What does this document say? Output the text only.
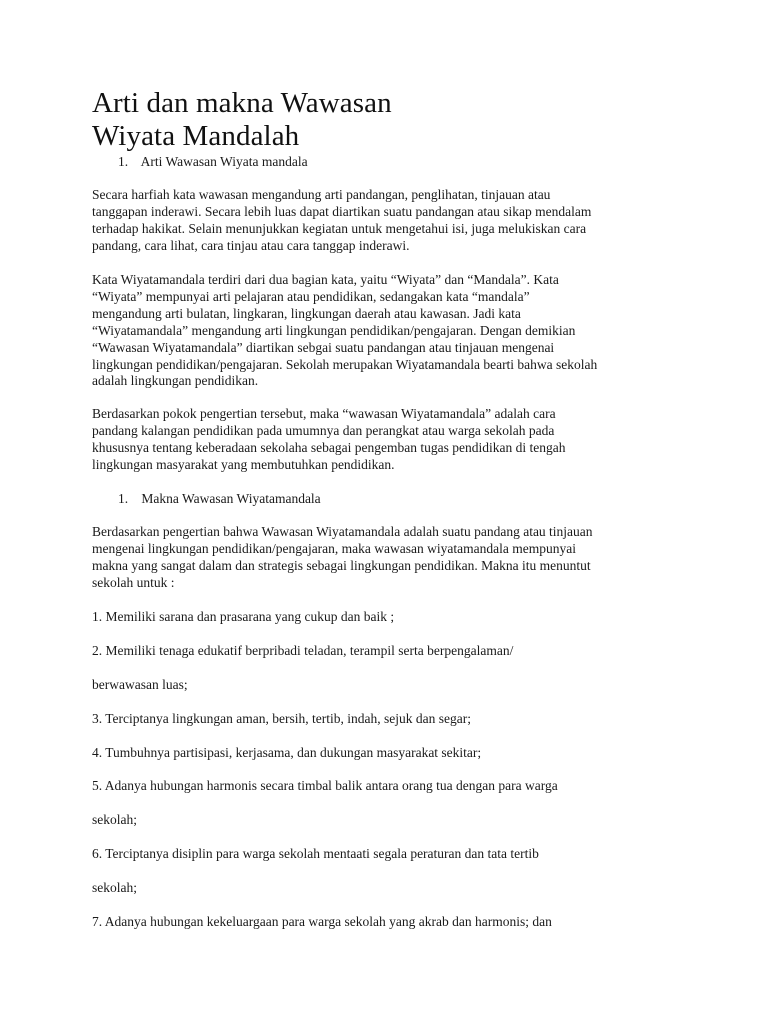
Arti dan makna Wawasan
Wiyata Mandalah
1. Arti Wawasan Wiyata mandala

Secara harfiah kata wawasan mengandung arti pandangan, penglihatan, tinjauan atau
tanggapan inderawi. Secara lebih luas dapat diartikan suatu pandangan atau sikap mendalam
terhadap hakikat. Selain menunjukkan kegiatan untuk mengetahui isi, juga melukiskan cara
pandang, cara lihat, cara tinjau atau cara tanggap inderawi.

Kata Wiyatamandala terdiri dari dua bagian kata, yaitu “Wiyata” dan “Mandala”. Kata
“Wiyata” mempunyai arti pelajaran atau pendidikan, sedangakan kata “mandala”
mengandung arti bulatan, lingkaran, lingkungan daerah atau kawasan. Jadi kata
“Wiyatamandala” mengandung arti lingkungan pendidikan/pengajaran. Dengan demikian
“Wawasan Wiyatamandala” diartikan sebgai suatu pandangan atau tinjauan mengenai
lingkungan pendidikan/pengajaran. Sekolah merupakan Wiyatamandala bearti bahwa sekolah
adalah lingkungan pendidikan.

Berdasarkan pokok pengertian tersebut, maka “wawasan Wiyatamandala” adalah cara
pandang kalangan pendidikan pada umumnya dan perangkat atau warga sekolah pada
khususnya tentang keberadaan sekolaha sebagai pengemban tugas pendidikan di tengah
lingkungan masyarakat yang membutuhkan pendidikan.

1. Makna Wawasan Wiyatamandala

Berdasarkan pengertian bahwa Wawasan Wiyatamandala adalah suatu pandang atau tinjauan
mengenai lingkungan pendidikan/pengajaran, maka wawasan wiyatamandala mempunyai
makna yang sangat dalam dan strategis sebagai lingkungan pendidikan. Makna itu menuntut
sekolah untuk :

1. Memiliki sarana dan prasarana yang cukup dan baik ;
2. Memiliki tenaga edukatif berpribadi teladan, terampil serta berpengalaman/
berwawasan luas;
3. Terciptanya lingkungan aman, bersih, tertib, indah, sejuk dan segar;
4. Tumbuhnya partisipasi, kerjasama, dan dukungan masyarakat sekitar;
5. Adanya hubungan harmonis secara timbal balik antara orang tua dengan para warga
sekolah;
6. Terciptanya disiplin para warga sekolah mentaati segala peraturan dan tata tertib
sekolah;
7. Adanya hubungan kekeluargaan para warga sekolah yang akrab dan harmonis; dan
